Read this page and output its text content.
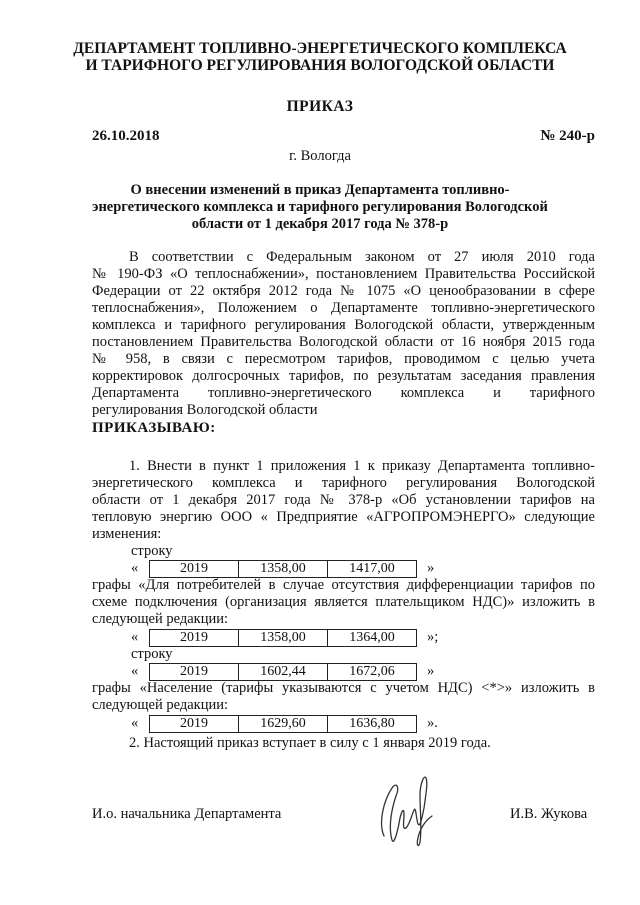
ДЕПАРТАМЕНТ ТОПЛИВНО-ЭНЕРГЕТИЧЕСКОГО КОМПЛЕКСА
И ТАРИФНОГО РЕГУЛИРОВАНИЯ ВОЛОГОДСКОЙ ОБЛАСТИ
ПРИКАЗ
26.10.2018	№ 240-р
г. Вологда
О внесении изменений в приказ Департамента топливно-
энергетического комплекса и тарифного регулирования Вологодской
области от 1 декабря 2017 года № 378-р
В соответствии с Федеральным законом от 27 июля 2010 года
№ 190-ФЗ «О теплоснабжении», постановлением Правительства Российской
Федерации от 22 октября 2012 года № 1075 «О ценообразовании в сфере
теплоснабжения», Положением о Департаменте топливно-энергетического
комплекса и тарифного регулирования Вологодской области, утвержденным
постановлением Правительства Вологодской области от 16 ноября 2015 года
№ 958, в связи с пересмотром тарифов, проводимом с целью учета
корректировок долгосрочных тарифов, по результатам заседания правления
Департамента топливно-энергетического комплекса и тарифного
регулирования Вологодской области
ПРИКАЗЫВАЮ:
1. Внести в пункт 1 приложения 1 к приказу Департамента топливно-
энергетического комплекса и тарифного регулирования Вологодской
области от 1 декабря 2017 года № 378-р «Об установлении тарифов на
тепловую энергию ООО « Предприятие «АГРОПРОМЭНЕРГО» следующие
изменения:
строку
«	2019	1358,00	1417,00	»
графы «Для потребителей в случае отсутствия дифференциации тарифов по
схеме подключения (организация является плательщиком НДС)» изложить в
следующей редакции:
«	2019	1358,00	1364,00	»;
строку
«	2019	1602,44	1672,06	»
графы «Население (тарифы указываются с учетом НДС) <*>» изложить в
следующей редакции:
«	2019	1629,60	1636,80	».
2. Настоящий приказ вступает в силу с 1 января 2019 года.
И.о. начальника Департамента	И.В. Жукова
